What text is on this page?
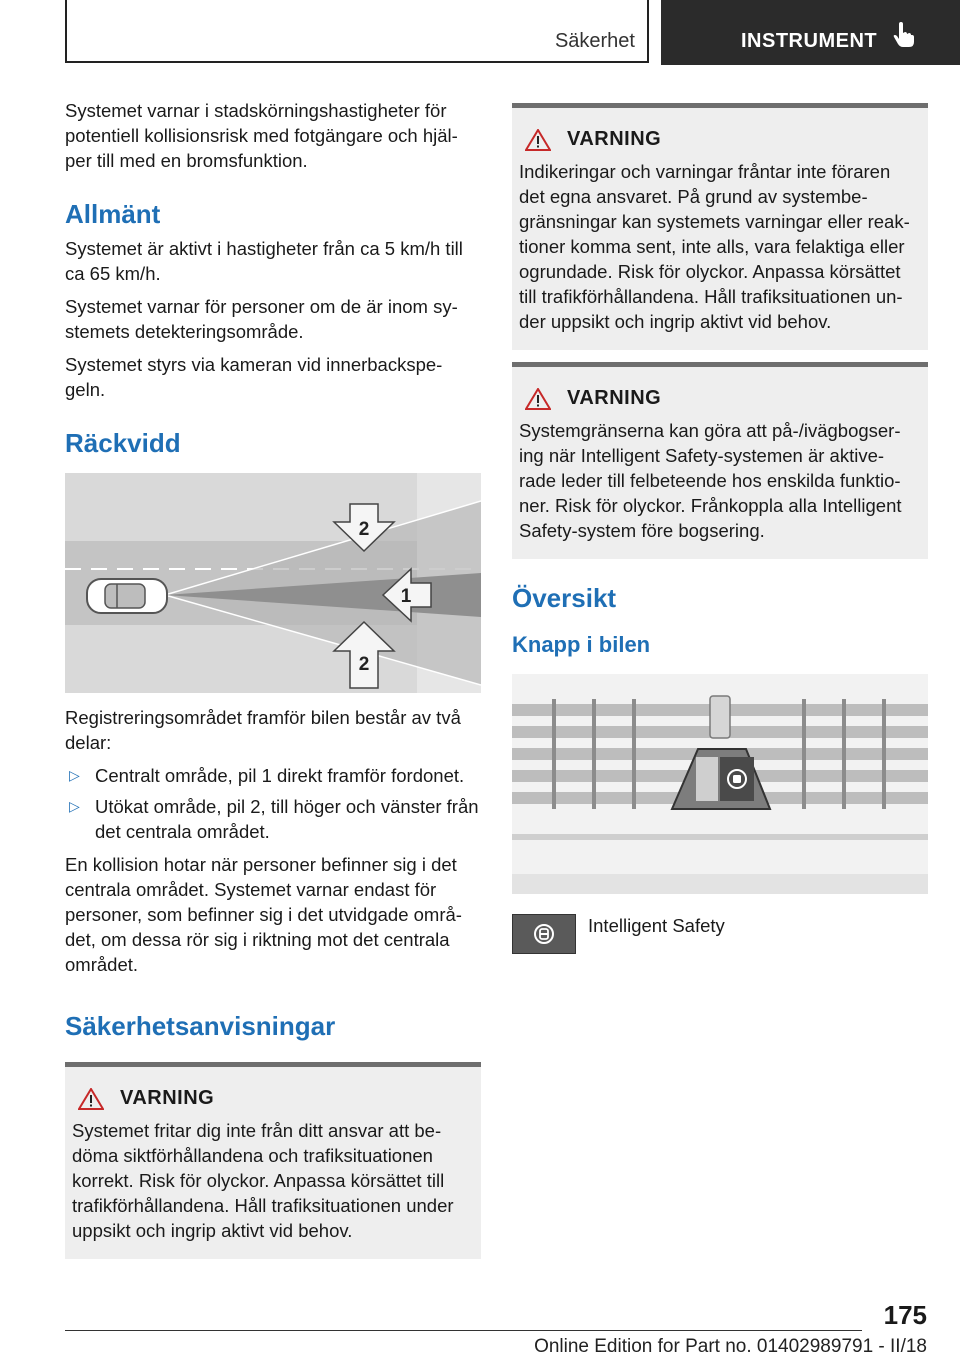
Säkerhet	INSTRUMENT

Systemet varnar i stadskörningshastigheter för potentiell kollisionsrisk med fotgängare och hjäl-per till med en bromsfunktion.

Allmänt

Systemet är aktivt i hastigheter från ca 5 km/h till ca 65 km/h.

Systemet varnar för personer om de är inom sy-stemets detekteringsområde.

Systemet styrs via kameran vid innerbackspe-geln.

Räckvidd
2
1
2

Registreringsområdet framför bilen består av två delar:

▷ Centralt område, pil 1 direkt framför fordonet.
▷ Utökat område, pil 2, till höger och vänster från det centrala området.

En kollision hotar när personer befinner sig i det centrala området. Systemet varnar endast för personer, som befinner sig i det utvidgade områ-det, om dessa rör sig i riktning mot det centrala området.

Säkerhetsanvisningar
VARNING

Systemet fritar dig inte från ditt ansvar att be-döma siktförhållandena och trafiksituationen korrekt. Risk för olyckor. Anpassa körsättet till trafikförhållandena. Håll trafiksituationen under uppsikt och ingrip aktivt vid behov.

VARNING

Indikeringar och varningar fråntar inte föraren det egna ansvaret. På grund av systembe-gränsningar kan systemets varningar eller reak-tioner komma sent, inte alls, vara felaktiga eller ogrundade. Risk för olyckor. Anpassa körsättet till trafikförhållandena. Håll trafiksituationen un-der uppsikt och ingrip aktivt vid behov.

VARNING

Systemgränserna kan göra att på-/ivägbogser-ing när Intelligent Safety-systemen är aktive-rade leder till felbeteende hos enskilda funktio-ner. Risk för olyckor. Frånkoppla alla Intelligent Safety-system före bogsering.

Översikt
Knapp i bilen
Intelligent Safety
175
Online Edition for Part no. 01402989791 - II/18
